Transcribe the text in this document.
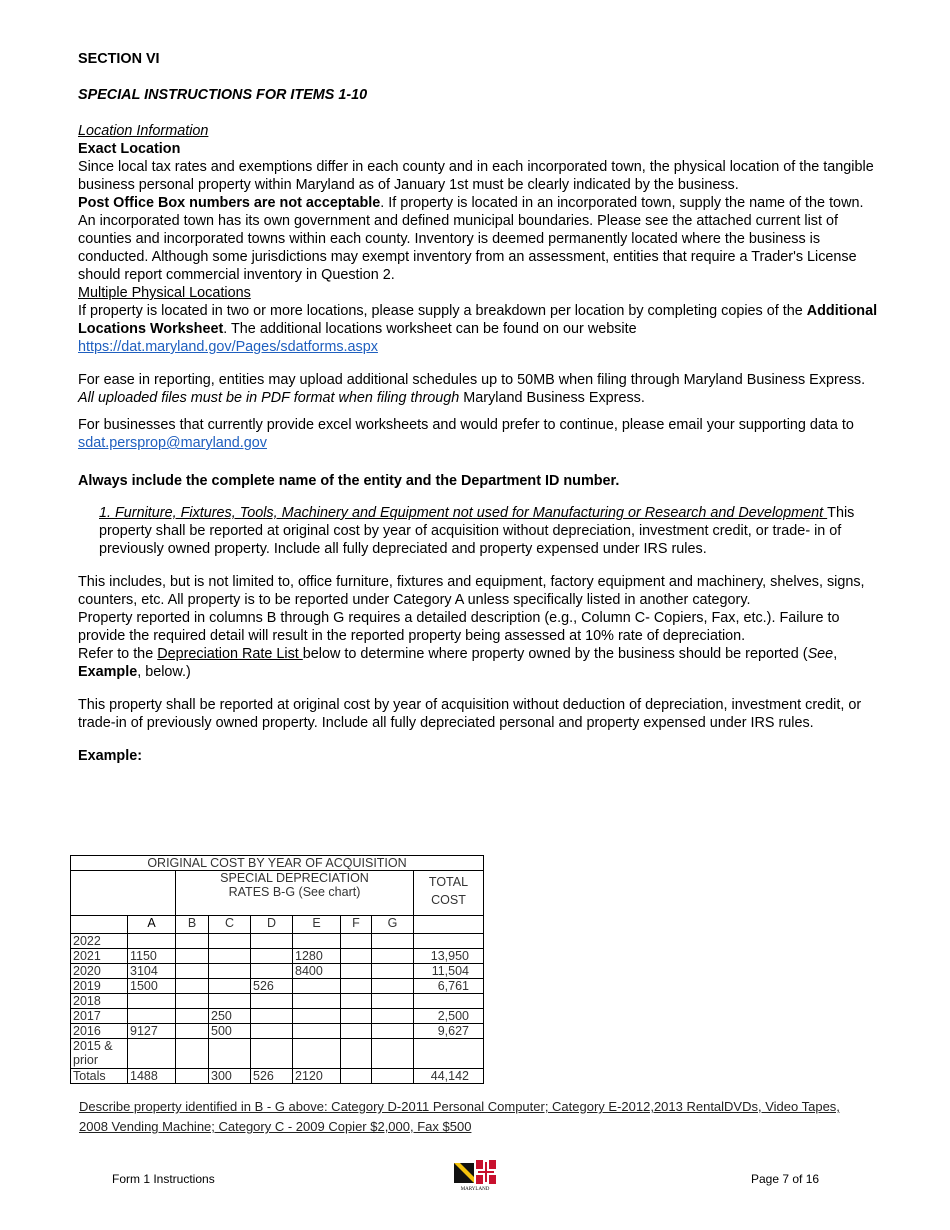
SECTION VI

SPECIAL INSTRUCTIONS FOR ITEMS 1-10

Location Information

Exact Location

Since local tax rates and exemptions differ in each county and in each incorporated town, the physical location of the tangible business personal property within Maryland as of January 1st must be clearly indicated by the business.

Post Office Box numbers are not acceptable. If property is located in an incorporated town, supply the name of the town. An incorporated town has its own government and defined municipal boundaries. Please see the attached current list of counties and incorporated towns within each county. Inventory is deemed permanently located where the business is conducted. Although some jurisdictions may exempt inventory from an assessment, entities that require a Trader's License should report commercial inventory in Question 2.

Multiple Physical Locations

If property is located in two or more locations, please supply a breakdown per location by completing copies of the Additional Locations Worksheet. The additional locations worksheet can be found on our website
https://dat.maryland.gov/Pages/sdatforms.aspx

For ease in reporting, entities may upload additional schedules up to 50MB when filing through Maryland Business Express. All uploaded files must be in PDF format when filing through Maryland Business Express.

For businesses that currently provide excel worksheets and would prefer to continue, please email your supporting data to sdat.persprop@maryland.gov

Always include the complete name of the entity and the Department ID number.

1. Furniture, Fixtures, Tools, Machinery and Equipment not used for Manufacturing or Research and Development This property shall be reported at original cost by year of acquisition without depreciation, investment credit, or trade- in of previously owned property. Include all fully depreciated and property expensed under IRS rules.

This includes, but is not limited to, office furniture, fixtures and equipment, factory equipment and machinery, shelves, signs, counters, etc. All property is to be reported under Category A unless specifically listed in another category.

Property reported in columns B through G requires a detailed description (e.g., Column C- Copiers, Fax, etc.). Failure to provide the required detail will result in the reported property being assessed at 10% rate of depreciation.

Refer to the Depreciation Rate List below to determine where property owned by the business should be reported (See, Example, below.)

This property shall be reported at original cost by year of acquisition without deduction of depreciation, investment credit, or trade-in of previously owned property. Include all fully depreciated personal and property expensed under IRS rules.

Example:

ORIGINAL COST BY YEAR OF ACQUISITION								
		SPECIAL DEPRECIATION RATES B-G (See chart)						TOTAL COST
	A	B	C	D	E	F	G	
2022								
2021	1150				1280			13,950
2020	3104				8400			11,504
2019	1500			526				6,761
2018								
2017			250					2,500
2016	9127		500					9,627
2015 & prior								
Totals	1488		300	526	2120			44,142
Describe property identified in B - G above: Category D-2011 Personal Computer; Category E-2012,2013 RentalDVDs, Video Tapes, 2008 Vending Machine; Category C - 2009 Copier $2,000, Fax $500
Form 1 Instructions
MARYLAND
Page 7 of 16
